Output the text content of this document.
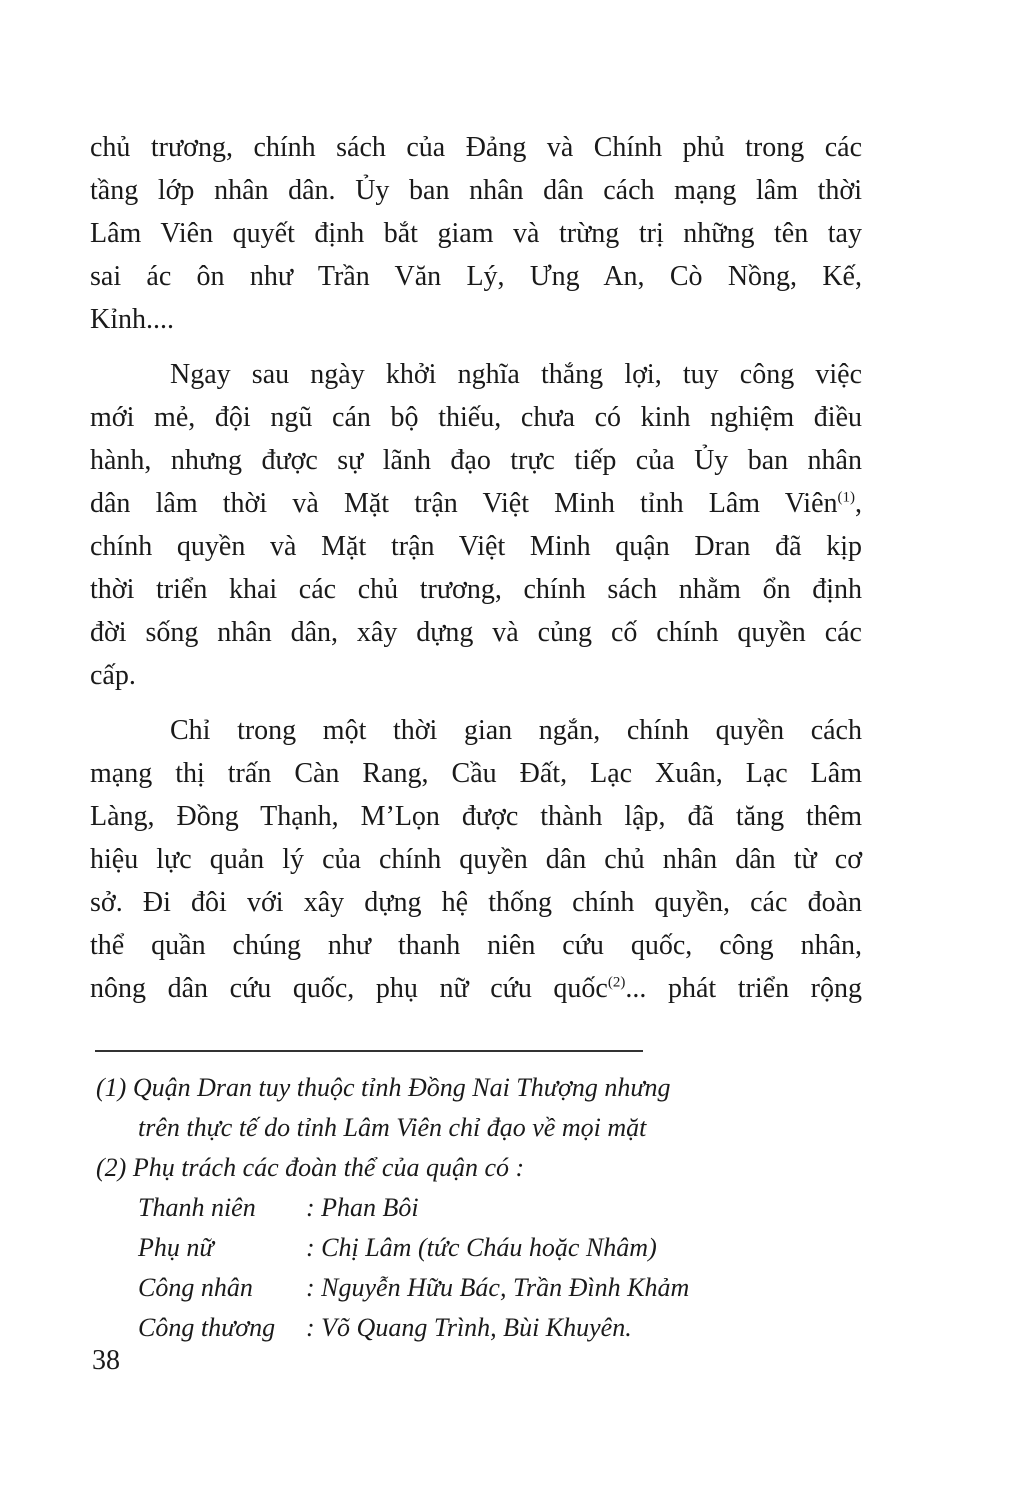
chủ trương, chính sách của Đảng và Chính phủ trong các
tầng lớp nhân dân. Ủy ban nhân dân cách mạng lâm thời
Lâm Viên quyết định bắt giam và trừng trị những tên tay
sai ác ôn như Trần Văn Lý, Ưng An, Cò Nồng, Kế,
Kỉnh....
Ngay sau ngày khởi nghĩa thắng lợi, tuy công việc
mới mẻ, đội ngũ cán bộ thiếu, chưa có kinh nghiệm điều
hành, nhưng được sự lãnh đạo trực tiếp của Ủy ban nhân
dân lâm thời và Mặt trận Việt Minh tỉnh Lâm Viên$^{(1)}$,
chính quyền và Mặt trận Việt Minh quận Dran đã kịp
thời triển khai các chủ trương, chính sách nhằm ổn định
đời sống nhân dân, xây dựng và củng cố chính quyền các
cấp.
Chỉ trong một thời gian ngắn, chính quyền cách
mạng thị trấn Càn Rang, Cầu Đất, Lạc Xuân, Lạc Lâm
Làng, Đồng Thạnh, M’Lọn được thành lập, đã tăng thêm
hiệu lực quản lý của chính quyền dân chủ nhân dân từ cơ
sở. Đi đôi với xây dựng hệ thống chính quyền, các đoàn
thể quần chúng như thanh niên cứu quốc, công nhân,
nông dân cứu quốc, phụ nữ cứu quốc$^{(2)}$... phát triển rộng
(1) Quận Dran tuy thuộc tỉnh Đồng Nai Thượng nhưng
trên thực tế do tỉnh Lâm Viên chỉ đạo về mọi mặt
(2) Phụ trách các đoàn thể của quận có :
Thanh niên	: Phan Bôi
Phụ nữ	: Chị Lâm (tức Cháu hoặc Nhâm)
Công nhân	: Nguyễn Hữu Bác, Trần Đình Khảm
Công thương	: Võ Quang Trình, Bùi Khuyên.
38
